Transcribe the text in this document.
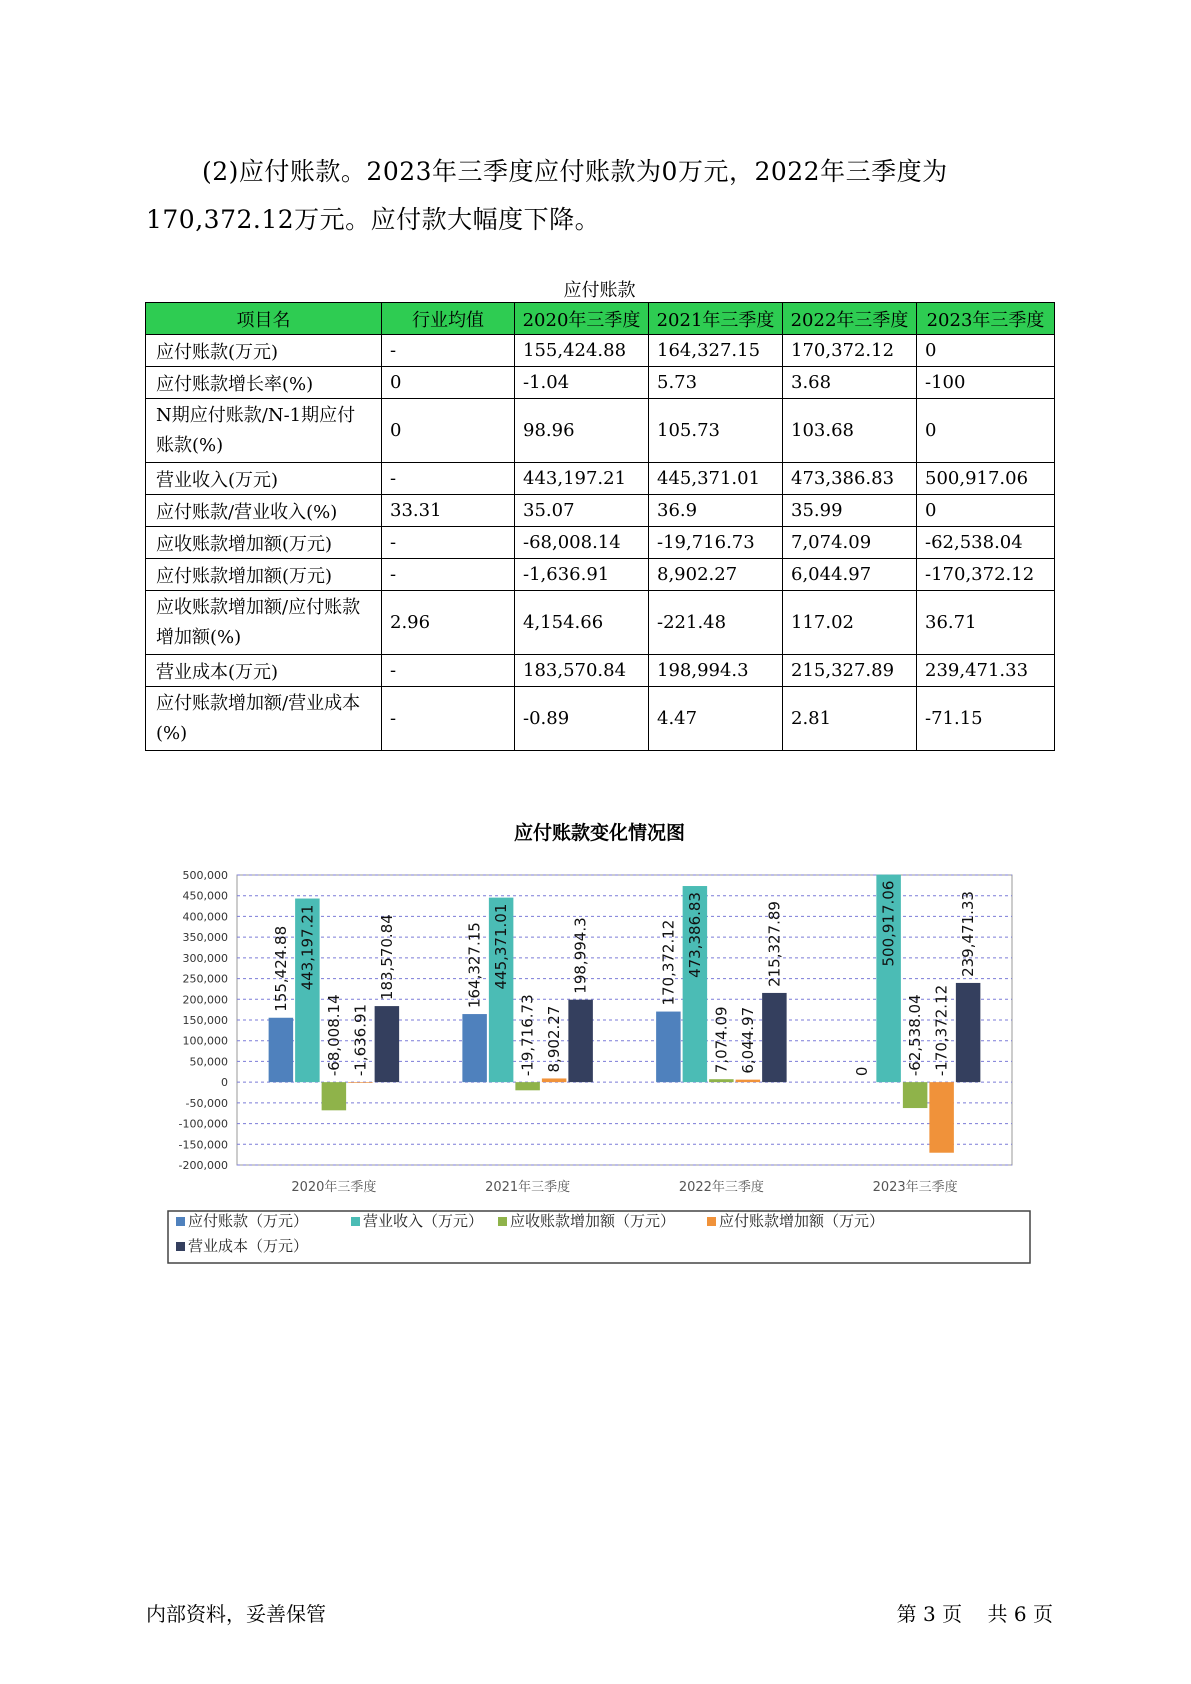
(2)应付账款。2023年三季度应付账款为0万元，2022年三季度为
170,372.12万元。应付款大幅度下降。
应付账款
项目名	行业均值	2020年三季度	2021年三季度	2022年三季度	2023年三季度
应付账款(万元)	-	155,424.88	164,327.15	170,372.12	0
应付账款增长率(%)	0	-1.04	5.73	3.68	-100
N期应付账款/N-1期应付账款(%)	0	98.96	105.73	103.68	0
营业收入(万元)	-	443,197.21	445,371.01	473,386.83	500,917.06
应付账款/营业收入(%)	33.31	35.07	36.9	35.99	0
应收账款增加额(万元)	-	-68,008.14	-19,716.73	7,074.09	-62,538.04
应付账款增加额(万元)	-	-1,636.91	8,902.27	6,044.97	-170,372.12
应收账款增加额/应付账款增加额(%)	2.96	4,154.66	-221.48	117.02	36.71
营业成本(万元)	-	183,570.84	198,994.3	215,327.89	239,471.33
应付账款增加额/营业成本(%)	-	-0.89	4.47	2.81	-71.15
应付账款变化情况图
500,000
450,000
400,000
350,000
300,000
250,000
200,000
150,000
100,000
50,000
0
-50,000
-100,000
-150,000
-200,000
2020年三季度
155,424.88 443,197.21
-68,008.14 -1,636.91
183,570.84
2021年三季度
164,327.15 445,371.01
-19,716.73 8,902.27
198,994.3
2022年三季度
170,372.12 473,386.83
7,074.09 6,044.97
215,327.89
2023年三季度
0
500,917.06
-62,538.04 -170,372.12
239,471.33
应付账款（万元）	营业收入（万元） 应收账款增加额（万元）	应付账款增加额（万元）
营业成本（万元）
内部资料，妥善保管	第 3 页    共 6 页
